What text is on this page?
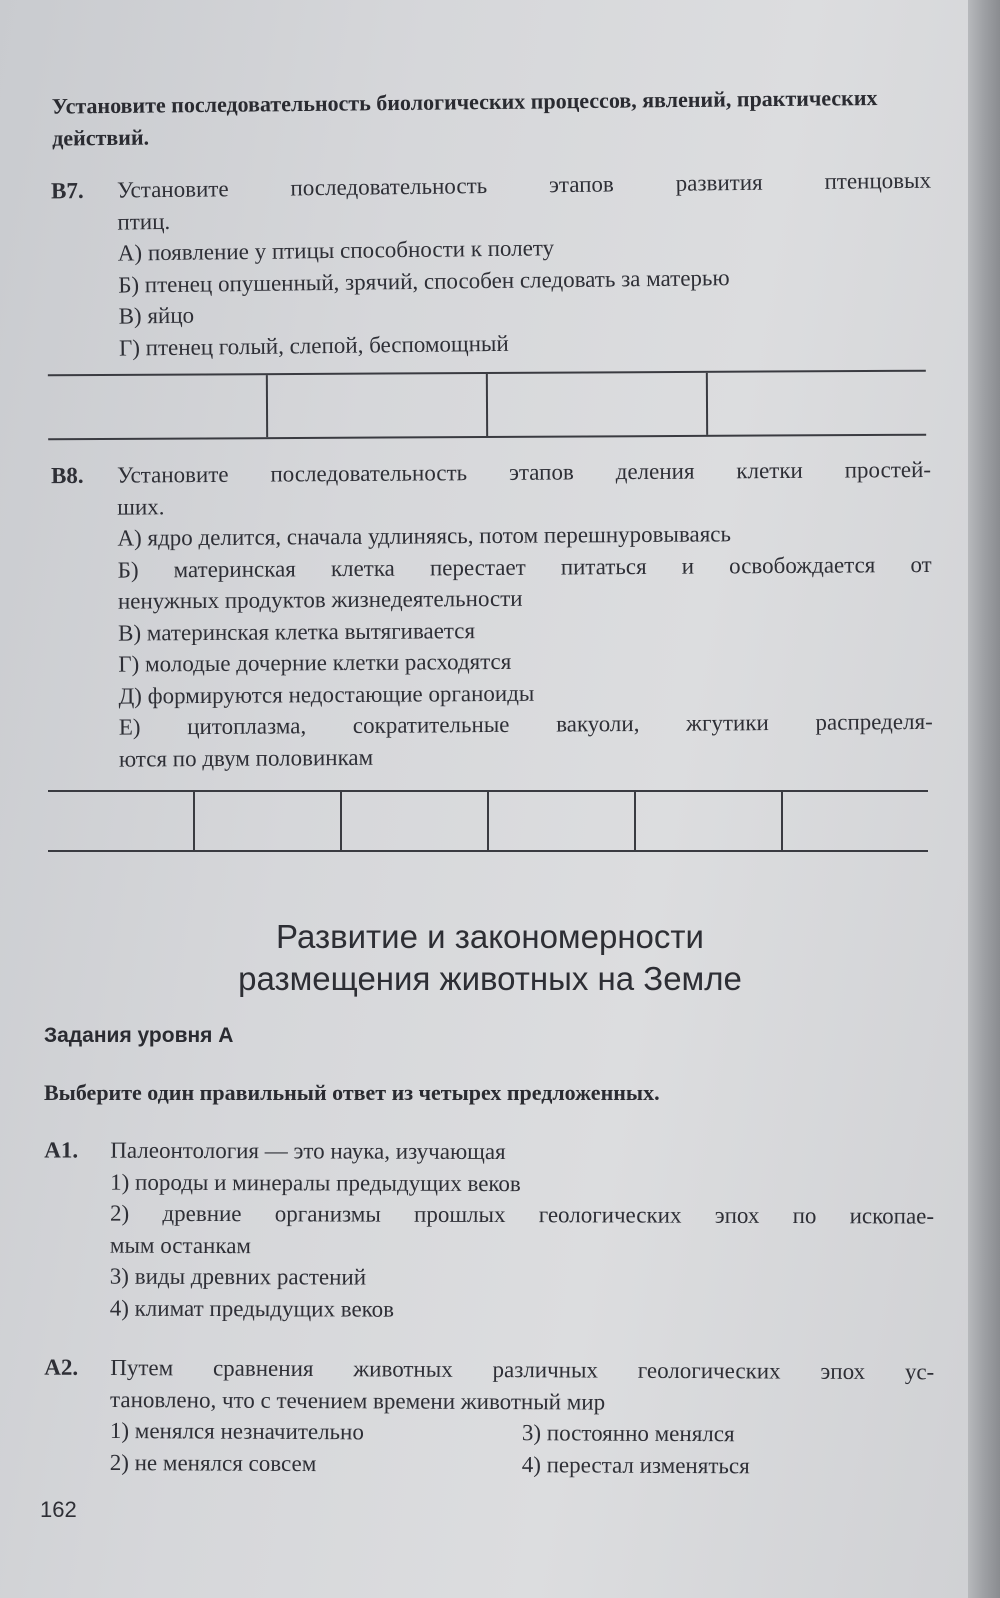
Установите последовательность биологических процессов, явлений, практических действий.
В7. Установите последовательность этапов развития птенцовых
птиц.
А) появление у птицы способности к полету
Б) птенец опушенный, зрячий, способен следовать за матерью
В) яйцо
Г) птенец голый, слепой, беспомощный
В8. Установите последовательность этапов деления клетки простей-
ших.
А) ядро делится, сначала удлиняясь, потом перешнуровываясь
Б) материнская клетка перестает питаться и освобождается от
ненужных продуктов жизнедеятельности
В) материнская клетка вытягивается
Г) молодые дочерние клетки расходятся
Д) формируются недостающие органоиды
Е) цитоплазма, сократительные вакуоли, жгутики распределя-
ются по двум половинкам
Развитие и закономерности
размещения животных на Земле
Задания уровня А
Выберите один правильный ответ из четырех предложенных.
А1. Палеонтология — это наука, изучающая
1) породы и минералы предыдущих веков
2) древние организмы прошлых геологических эпох по ископае-
мым останкам
3) виды древних растений
4) климат предыдущих веков
А2. Путем сравнения животных различных геологических эпох ус-
тановлено, что с течением времени животный мир
1) менялся незначительно
2) не менялся совсем
3) постоянно менялся
4) перестал изменяться
162
